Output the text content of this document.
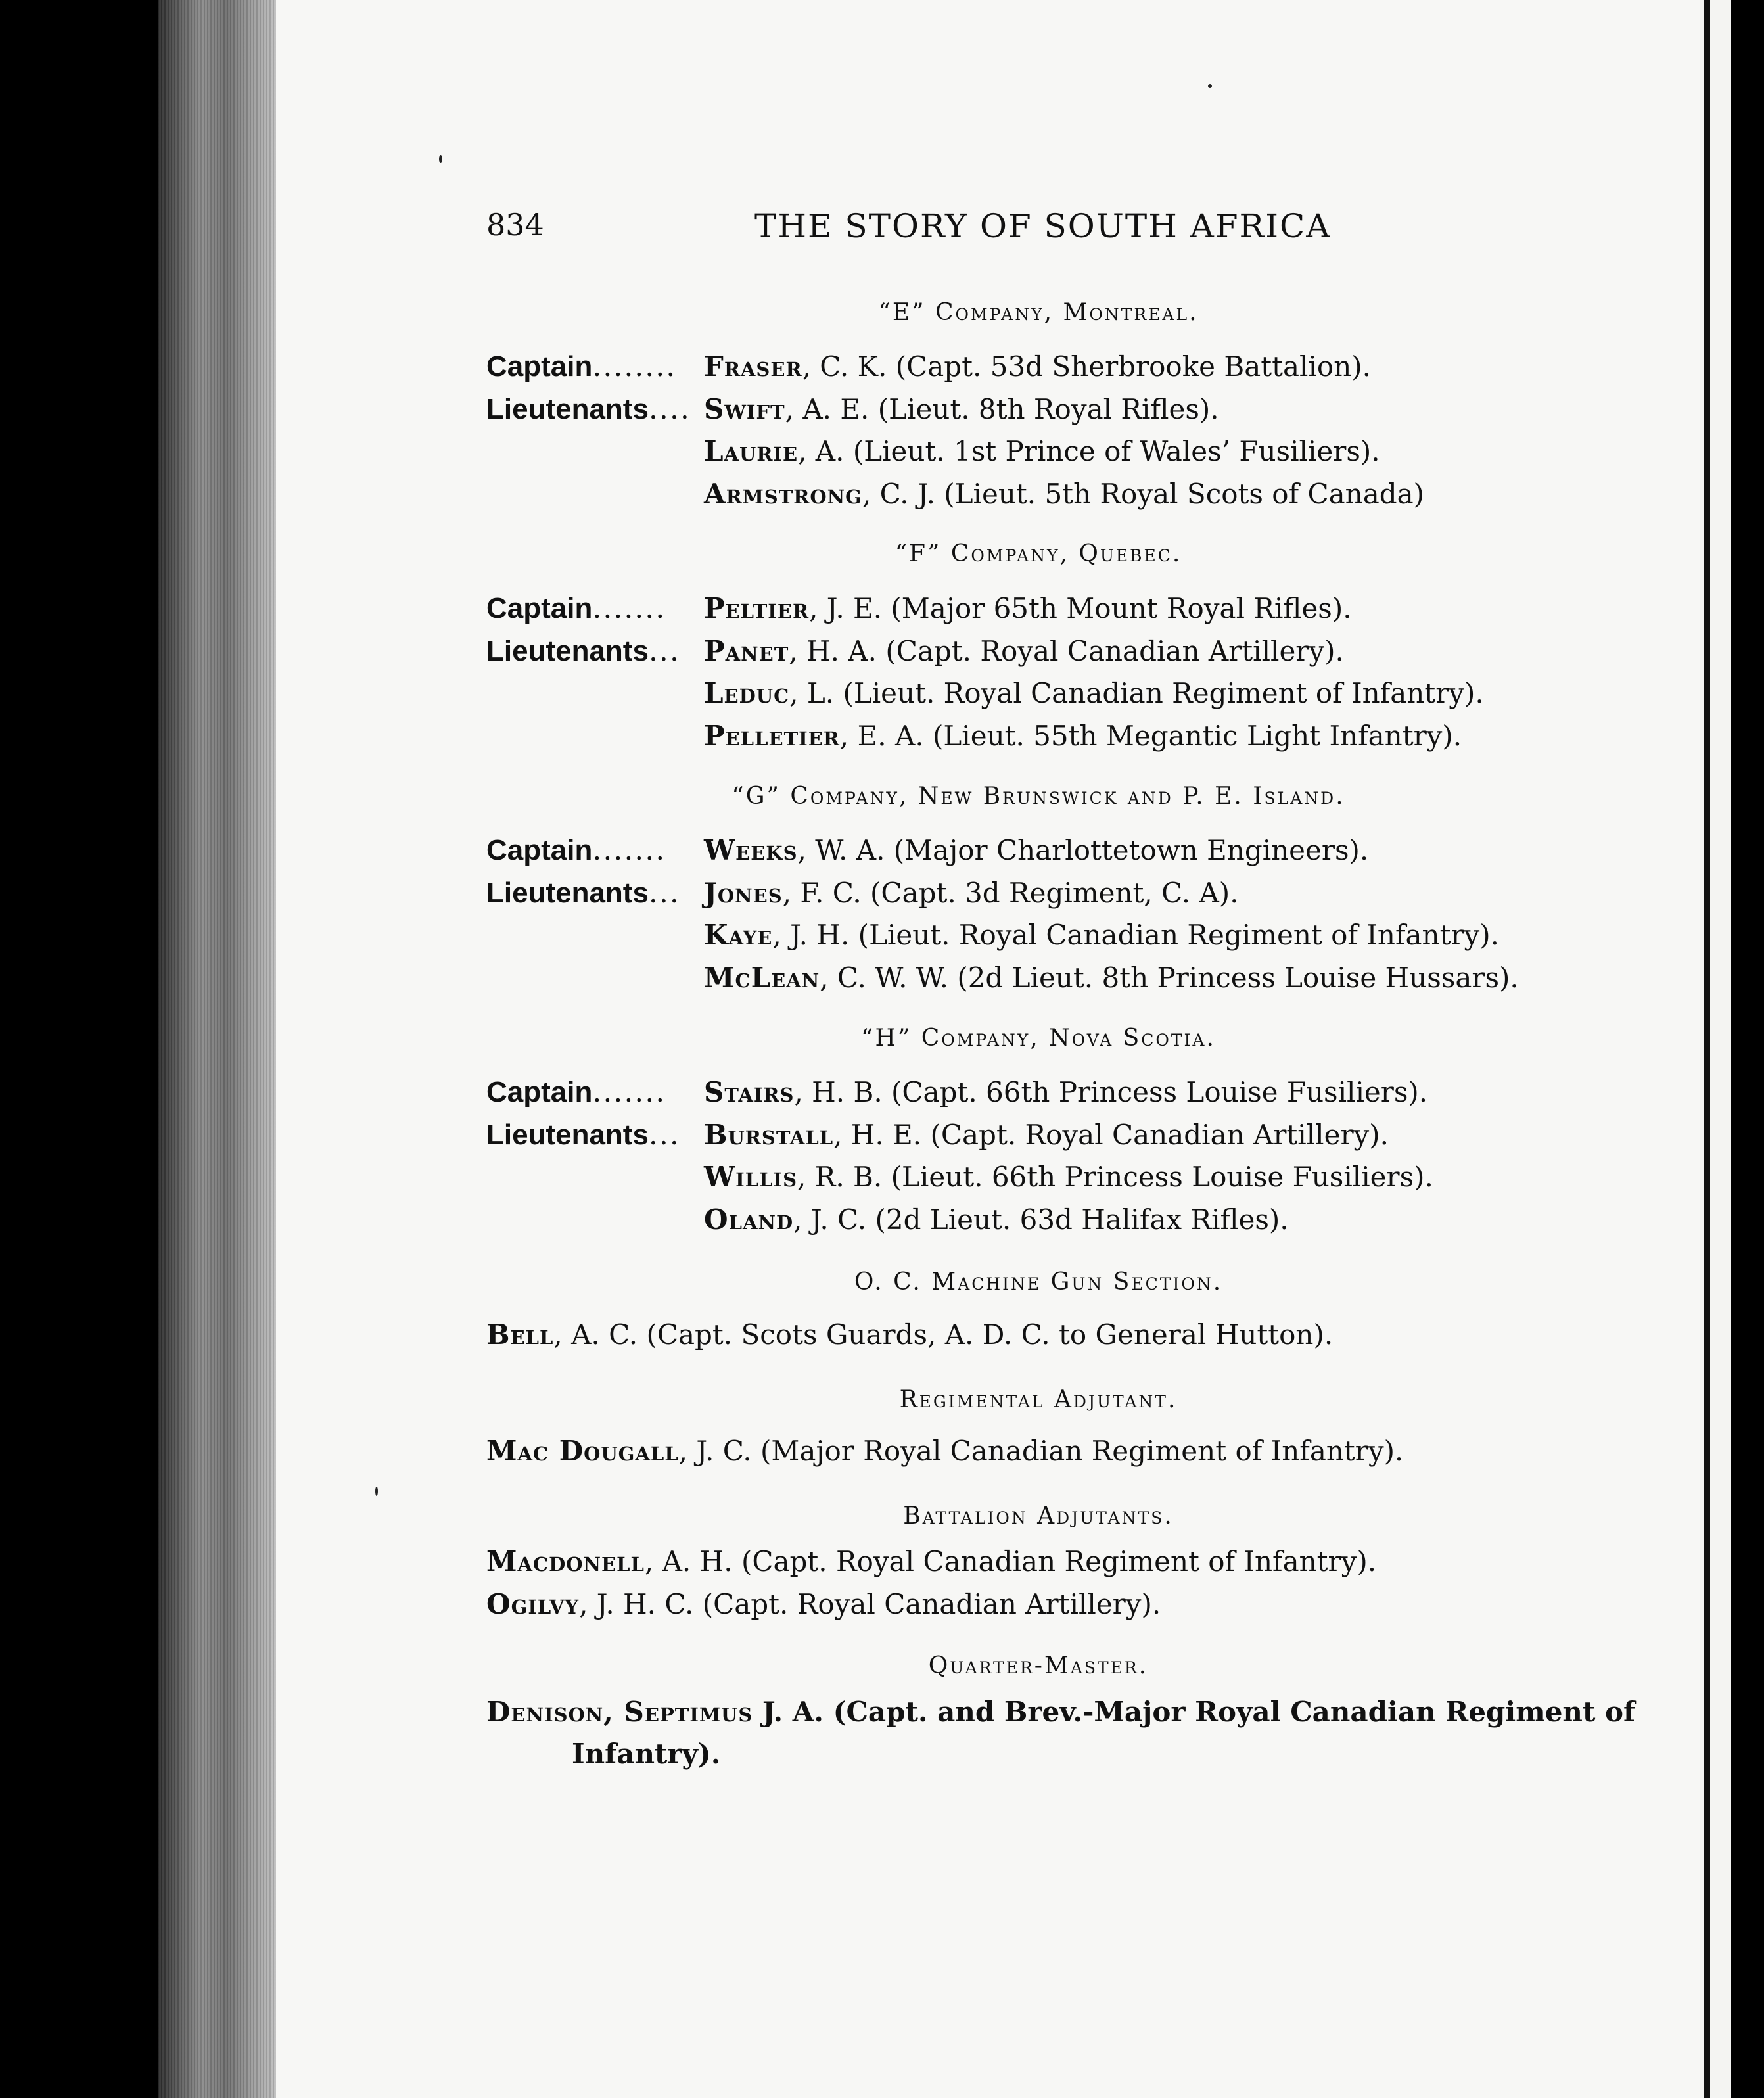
834	THE STORY OF SOUTH AFRICA
“E” Company, Montreal.
Captain........ Fraser, C. K. (Capt. 53d Sherbrooke Battalion).
Lieutenants.... Swift, A. E. (Lieut. 8th Royal Rifles).
Laurie, A. (Lieut. 1st Prince of Wales’ Fusiliers).
Armstrong, C. J. (Lieut. 5th Royal Scots of Canada)
“F” Company, Quebec.
Captain....... Peltier, J. E. (Major 65th Mount Royal Rifles).
Lieutenants... Panet, H. A. (Capt. Royal Canadian Artillery).
Leduc, L. (Lieut. Royal Canadian Regiment of Infantry).
Pelletier, E. A. (Lieut. 55th Megantic Light Infantry).
“G” Company, New Brunswick and P. E. Island.
Captain....... Weeks, W. A. (Major Charlottetown Engineers).
Lieutenants... Jones, F. C. (Capt. 3d Regiment, C. A).
Kaye, J. H. (Lieut. Royal Canadian Regiment of Infantry).
McLean, C. W. W. (2d Lieut. 8th Princess Louise Hussars).
“H” Company, Nova Scotia.
Captain....... Stairs, H. B. (Capt. 66th Princess Louise Fusiliers).
Lieutenants... Burstall, H. E. (Capt. Royal Canadian Artillery).
Willis, R. B. (Lieut. 66th Princess Louise Fusiliers).
Oland, J. C. (2d Lieut. 63d Halifax Rifles).
O. C. Machine Gun Section.
Bell, A. C. (Capt. Scots Guards, A. D. C. to General Hutton).
Regimental Adjutant.
Mac Dougall, J. C. (Major Royal Canadian Regiment of Infantry).
Battalion Adjutants.
Macdonell, A. H. (Capt. Royal Canadian Regiment of Infantry).
Ogilvy, J. H. C. (Capt. Royal Canadian Artillery).
Quarter-Master.
Denison, Septimus J. A. (Capt. and Brev.-Major Royal Canadian Regiment of
Infantry).
